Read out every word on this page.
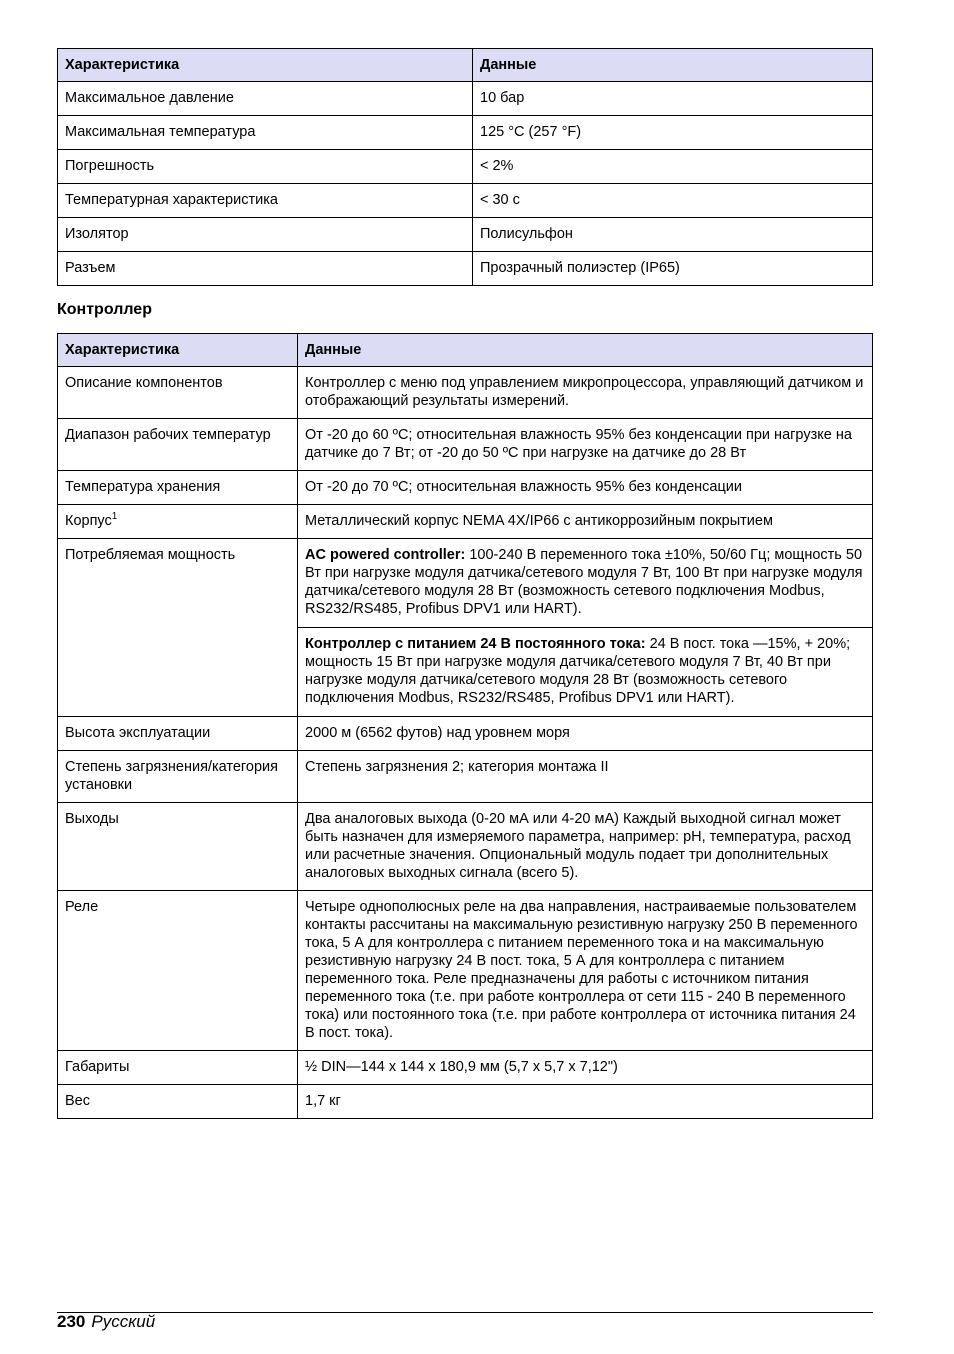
Характеристика	Данные
Максимальное давление	10 бар
Максимальная температура	125 °C (257 °F)
Погрешность	< 2%
Температурная характеристика	< 30 с
Изолятор	Полисульфон
Разъем	Прозрачный полиэстер (IP65)
Контроллер
Характеристика	Данные
Описание компонентов	Контроллер с меню под управлением микропроцессора, управляющий датчиком и отображающий результаты измерений.
Диапазон рабочих температур	От -20 до 60 ºC; относительная влажность 95% без конденсации при нагрузке на датчике до 7 Вт; от -20 до 50 ºC при нагрузке на датчике до 28 Вт
Температура хранения	От -20 до 70 ºC; относительная влажность 95% без конденсации
Корпус$^1$	Металлический корпус NEMA 4X/IP66 с антикоррозийным покрытием
Потребляемая мощность	AC powered controller: 100-240 В переменного тока ±10%, 50/60 Гц; мощность 50 Вт при нагрузке модуля датчика/сетевого модуля 7 Вт, 100 Вт при нагрузке модуля датчика/сетевого модуля 28 Вт (возможность сетевого подключения Modbus, RS232/RS485, Profibus DPV1 или HART).
	Контроллер с питанием 24 В постоянного тока: 24 В пост. тока —15%, + 20%; мощность 15 Вт при нагрузке модуля датчика/сетевого модуля 7 Вт, 40 Вт при нагрузке модуля датчика/сетевого модуля 28 Вт (возможность сетевого подключения Modbus, RS232/RS485, Profibus DPV1 или HART).
Высота эксплуатации	2000 м (6562 футов) над уровнем моря
Степень загрязнения/категория установки	Степень загрязнения 2; категория монтажа II
Выходы	Два аналоговых выхода (0-20 мА или 4-20 мА) Каждый выходной сигнал может быть назначен для измеряемого параметра, например: pH, температура, расход или расчетные значения. Опциональный модуль подает три дополнительных аналоговых выходных сигнала (всего 5).
Реле	Четыре однополюсных реле на два направления, настраиваемые пользователем контакты рассчитаны на максимальную резистивную нагрузку 250 В переменного тока, 5 А для контроллера с питанием переменного тока и на максимальную резистивную нагрузку 24 В пост. тока, 5 А для контроллера с питанием переменного тока. Реле предназначены для работы с источником питания переменного тока (т.е. при работе контроллера от сети 115 - 240 В переменного тока) или постоянного тока (т.е. при работе контроллера от источника питания 24 В пост. тока).
Габариты	½ DIN—144 x 144 x 180,9 мм (5,7 x 5,7 x 7,12")
Вес	1,7 кг
230 Русский
